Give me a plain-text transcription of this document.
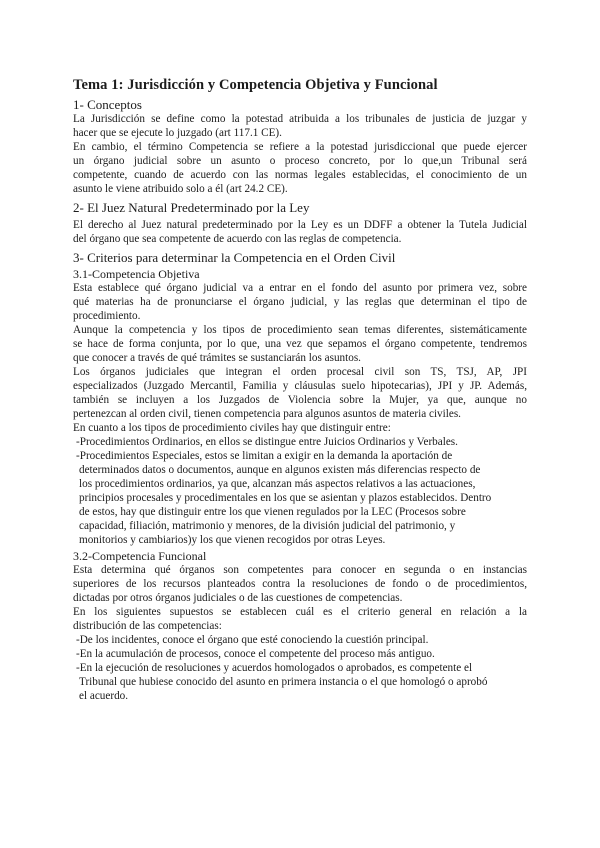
Tema 1: Jurisdicción y Competencia Objetiva y Funcional
1- Conceptos
La Jurisdicción se define como la potestad atribuida a los tribunales de justicia de juzgar y
hacer que se ejecute lo juzgado (art 117.1 CE).
En cambio, el término Competencia se refiere a la potestad jurisdiccional que puede ejercer
un órgano judicial sobre un asunto o proceso concreto, por lo que,un Tribunal será
competente, cuando de acuerdo con las normas legales establecidas, el conocimiento de un
asunto le viene atribuido solo a él (art 24.2 CE).
2- El Juez Natural Predeterminado por la Ley
El derecho al Juez natural predeterminado por la Ley es un DDFF a obtener la Tutela Judicial
del órgano que sea competente de acuerdo con las reglas de competencia.
3- Criterios para determinar la Competencia en el Orden Civil
3.1-Competencia Objetiva
Esta establece qué órgano judicial va a entrar en el fondo del asunto por primera vez, sobre
qué materias ha de pronunciarse el órgano judicial, y las reglas que determinan el tipo de
procedimiento.
Aunque la competencia y los tipos de procedimiento sean temas diferentes, sistemáticamente
se hace de forma conjunta, por lo que, una vez que sepamos el órgano competente, tendremos
que conocer a través de qué trámites se sustanciarán los asuntos.
Los órganos judiciales que integran el orden procesal civil son TS, TSJ, AP, JPI
especializados (Juzgado Mercantil, Familia y cláusulas suelo hipotecarias), JPI y JP. Además,
también se incluyen a los Juzgados de Violencia sobre la Mujer, ya que, aunque no
pertenezcan al orden civil, tienen competencia para algunos asuntos de materia civiles.
En cuanto a los tipos de procedimiento civiles hay que distinguir entre:
-Procedimientos Ordinarios, en ellos se distingue entre Juicios Ordinarios y Verbales.
-Procedimientos Especiales, estos se limitan a exigir en la demanda la aportación de
determinados datos o documentos, aunque en algunos existen más diferencias respecto de
los procedimientos ordinarios, ya que, alcanzan más aspectos relativos a las actuaciones,
principios procesales y procedimentales en los que se asientan y plazos establecidos. Dentro
de estos, hay que distinguir entre los que vienen regulados por la LEC (Procesos sobre
capacidad, filiación, matrimonio y menores, de la división judicial del patrimonio, y
monitorios y cambiarios)y los que vienen recogidos por otras Leyes.
3.2-Competencia Funcional
Esta determina qué órganos son competentes para conocer en segunda o en instancias
superiores de los recursos planteados contra la resoluciones de fondo o de procedimientos,
dictadas por otros órganos judiciales o de las cuestiones de competencias.
En los siguientes supuestos se establecen cuál es el criterio general en relación a la
distribución de las competencias:
-De los incidentes, conoce el órgano que esté conociendo la cuestión principal.
-En la acumulación de procesos, conoce el competente del proceso más antiguo.
-En la ejecución de resoluciones y acuerdos homologados o aprobados, es competente el
Tribunal que hubiese conocido del asunto en primera instancia o el que homologó o aprobó
el acuerdo.
